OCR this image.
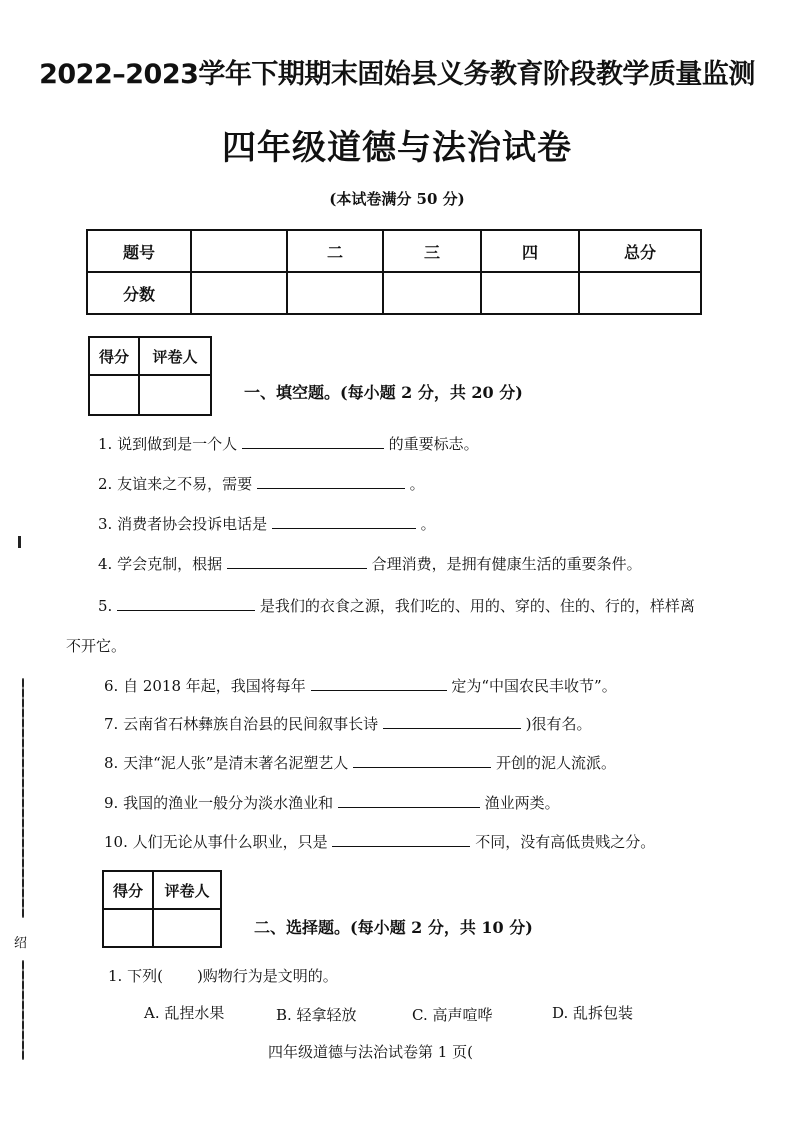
2022–2023学年下期期末固始县义务教育阶段教学质量监测
四年级道德与法治试卷
(本试卷满分 50 分)
题号		二	三	四	总分
分数					
得分	评卷人

一、填空题。(每小题 2 分，共 20 分)
1. 说到做到是一个人	的重要标志。
2. 友谊来之不易，需要	。
3. 消费者协会投诉电话是	。
4. 学会克制，根据	合理消费，是拥有健康生活的重要条件。
5.	是我们的衣食之源，我们吃的、用的、穿的、住的、行的，样样离
不开它。
6. 自 2018 年起，我国将每年	定为“中国农民丰收节”。
7. 云南省石林彝族自治县的民间叙事长诗	)很有名。
8. 天津“泥人张”是清末著名泥塑艺人	开创的泥人流派。
9. 我国的渔业一般分为淡水渔业和	渔业两类。
10. 人们无论从事什么职业，只是	不同，没有高低贵贱之分。
得分	评卷人

二、选择题。(每小题 2 分，共 10 分)
1. 下列( )购物行为是文明的。
A. 乱捏水果	B. 轻拿轻放	C. 高声喧哗	D. 乱拆包装
四年级道德与法治试卷第 1 页(
绍
